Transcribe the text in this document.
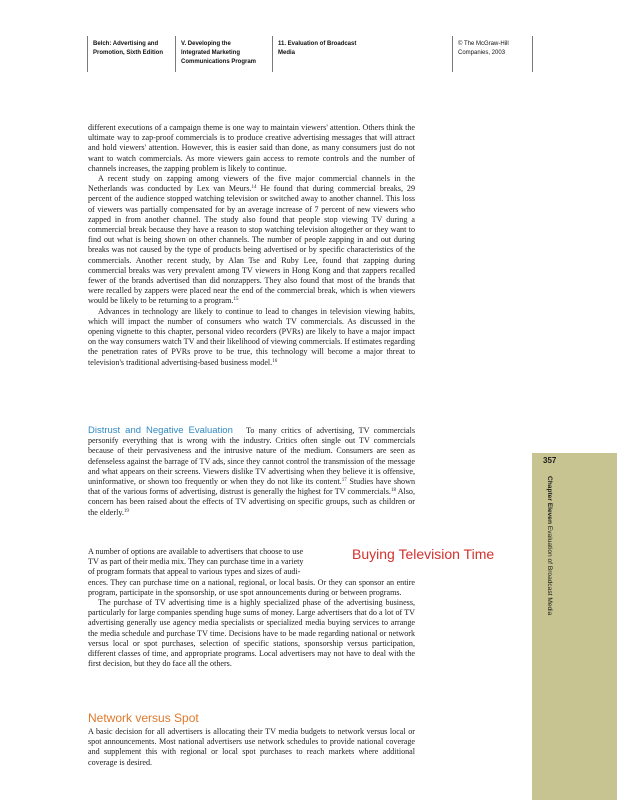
Belch: Advertising and
Promotion, Sixth Edition
V. Developing the
Integrated Marketing
Communications Program
11. Evaluation of Broadcast
Media
© The McGraw-Hill
Companies, 2003

different executions of a campaign theme is one way to maintain viewers' attention. Others think the ultimate way to zap-proof commercials is to produce creative advertising messages that will attract and hold viewers' attention. However, this is easier said than done, as many consumers just do not want to watch commercials. As more viewers gain access to remote controls and the number of channels increases, the zapping problem is likely to continue.

A recent study on zapping among viewers of the five major commercial channels in the Netherlands was conducted by Lex van Meurs.$^{14}$ He found that during commercial breaks, 29 percent of the audience stopped watching television or switched away to another channel. This loss of viewers was partially compensated for by an average increase of 7 percent of new viewers who zapped in from another channel. The study also found that people stop viewing TV during a commercial break because they have a reason to stop watching television altogether or they want to find out what is being shown on other channels. The number of people zapping in and out during breaks was not caused by the type of products being advertised or by specific characteristics of the commercials. Another recent study, by Alan Tse and Ruby Lee, found that zapping during commercial breaks was very prevalent among TV viewers in Hong Kong and that zappers recalled fewer of the brands advertised than did nonzappers. They also found that most of the brands that were recalled by zappers were placed near the end of the commercial break, which is when viewers would be likely to be returning to a program.$^{15}$

Advances in technology are likely to continue to lead to changes in television viewing habits, which will impact the number of consumers who watch TV commercials. As discussed in the opening vignette to this chapter, personal video recorders (PVRs) are likely to have a major impact on the way consumers watch TV and their likelihood of viewing commercials. If estimates regarding the penetration rates of PVRs prove to be true, this technology will become a major threat to television's traditional advertising-based business model.$^{16}$

Distrust and Negative Evaluation To many critics of advertising, TV commercials personify everything that is wrong with the industry. Critics often single out TV commercials because of their pervasiveness and the intrusive nature of the medium. Consumers are seen as defenseless against the barrage of TV ads, since they cannot control the transmission of the message and what appears on their screens. Viewers dislike TV advertising when they believe it is offensive, uninformative, or shown too frequently or when they do not like its content.$^{17}$ Studies have shown that of the various forms of advertising, distrust is generally the highest for TV commercials.$^{18}$ Also, concern has been raised about the effects of TV advertising on specific groups, such as children or the elderly.$^{19}$

Buying Television Time
A number of options are available to advertisers that choose to use
TV as part of their media mix. They can purchase time in a variety
of program formats that appeal to various types and sizes of audi-

ences. They can purchase time on a national, regional, or local basis. Or they can sponsor an entire program, participate in the sponsorship, or use spot announcements during or between programs.

The purchase of TV advertising time is a highly specialized phase of the advertising business, particularly for large companies spending huge sums of money. Large advertisers that do a lot of TV advertising generally use agency media specialists or specialized media buying services to arrange the media schedule and purchase TV time. Decisions have to be made regarding national or network versus local or spot purchases, selection of specific stations, sponsorship versus participation, different classes of time, and appropriate programs. Local advertisers may not have to deal with the first decision, but they do face all the others.

Network versus Spot

A basic decision for all advertisers is allocating their TV media budgets to network versus local or spot announcements. Most national advertisers use network schedules to provide national coverage and supplement this with regional or local spot purchases to reach markets where additional coverage is desired.

357
Chapter Eleven Evaluation of Broadcast Media
